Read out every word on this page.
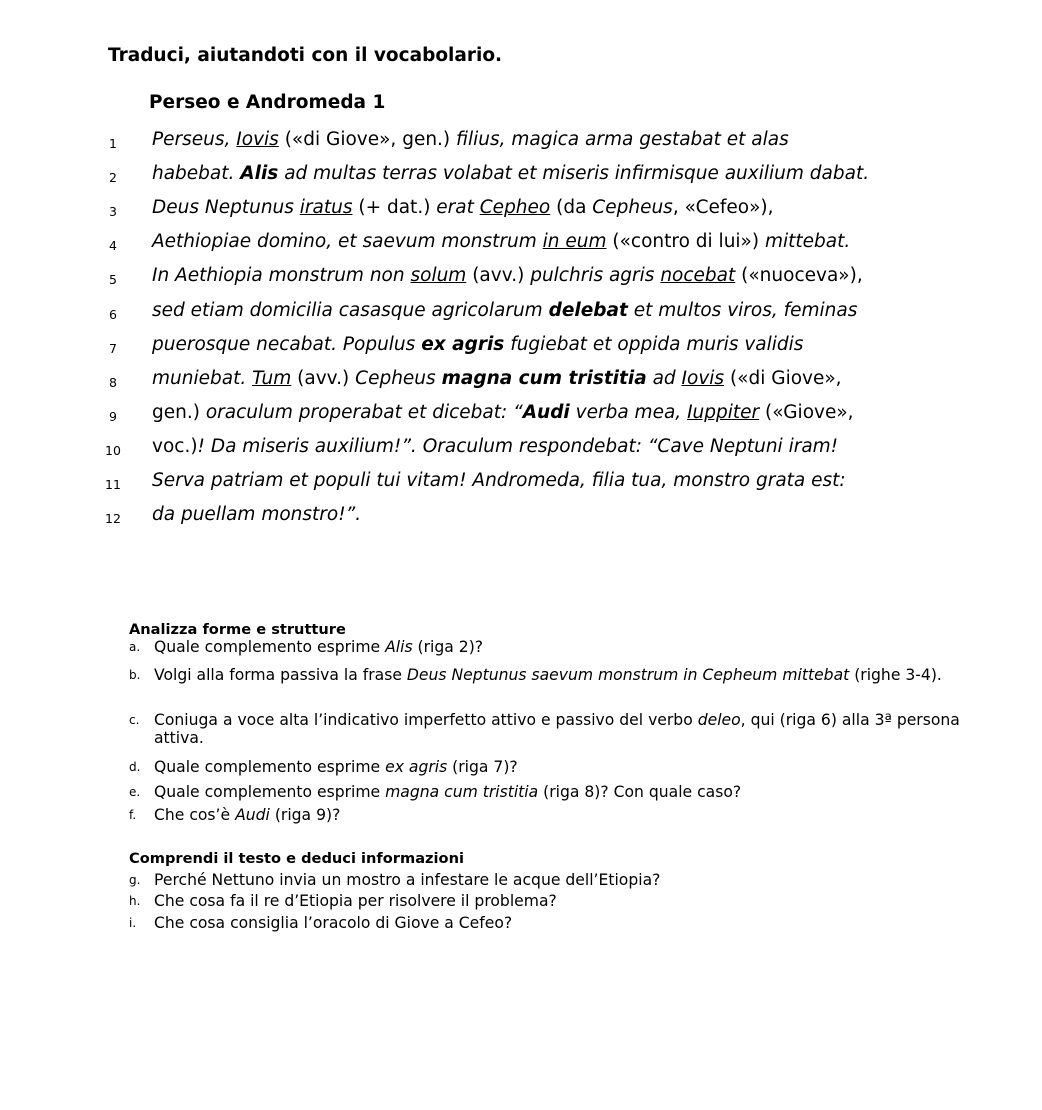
Traduci, aiutandoti con il vocabolario.
Perseo e Andromeda 1
1	Perseus, Iovis («di Giove», gen.) filius, magica arma gestabat et alas
2	habebat. Alis ad multas terras volabat et miseris infirmisque auxilium dabat.
3	Deus Neptunus iratus (+ dat.) erat Cepheo (da Cepheus, «Cefeo»),
4	Aethiopiae domino, et saevum monstrum in eum («contro di lui») mittebat.
5	In Aethiopia monstrum non solum (avv.) pulchris agris nocebat («nuoceva»),
6	sed etiam domicilia casasque agricolarum delebat et multos viros, feminas
7	puerosque necabat. Populus ex agris fugiebat et oppida muris validis
8	muniebat. Tum (avv.) Cepheus magna cum tristitia ad Iovis («di Giove»,
9	gen.) oraculum properabat et dicebat: “Audi verba mea, Iuppiter («Giove»,
10 voc.)! Da miseris auxilium!”. Oraculum respondebat: “Cave Neptuni iram!
11 Serva patriam et populi tui vitam! Andromeda, filia tua, monstro grata est:
12 da puellam monstro!”.
Analizza forme e strutture
a. Quale complemento esprime Alis (riga 2)?
b. Volgi alla forma passiva la frase Deus Neptunus saevum monstrum in Cepheum mittebat (righe 3-4).
c. Coniuga a voce alta l’indicativo imperfetto attivo e passivo del verbo deleo, qui (riga 6) alla 3ª persona attiva.
d. Quale complemento esprime ex agris (riga 7)?
e. Quale complemento esprime magna cum tristitia (riga 8)? Con quale caso?
f.	Che cos’è Audi (riga 9)?
Comprendi il testo e deduci informazioni
g. Perché Nettuno invia un mostro a infestare le acque dell’Etiopia?
h. Che cosa fa il re d’Etiopia per risolvere il problema?
i.	Che cosa consiglia l’oracolo di Giove a Cefeo?
